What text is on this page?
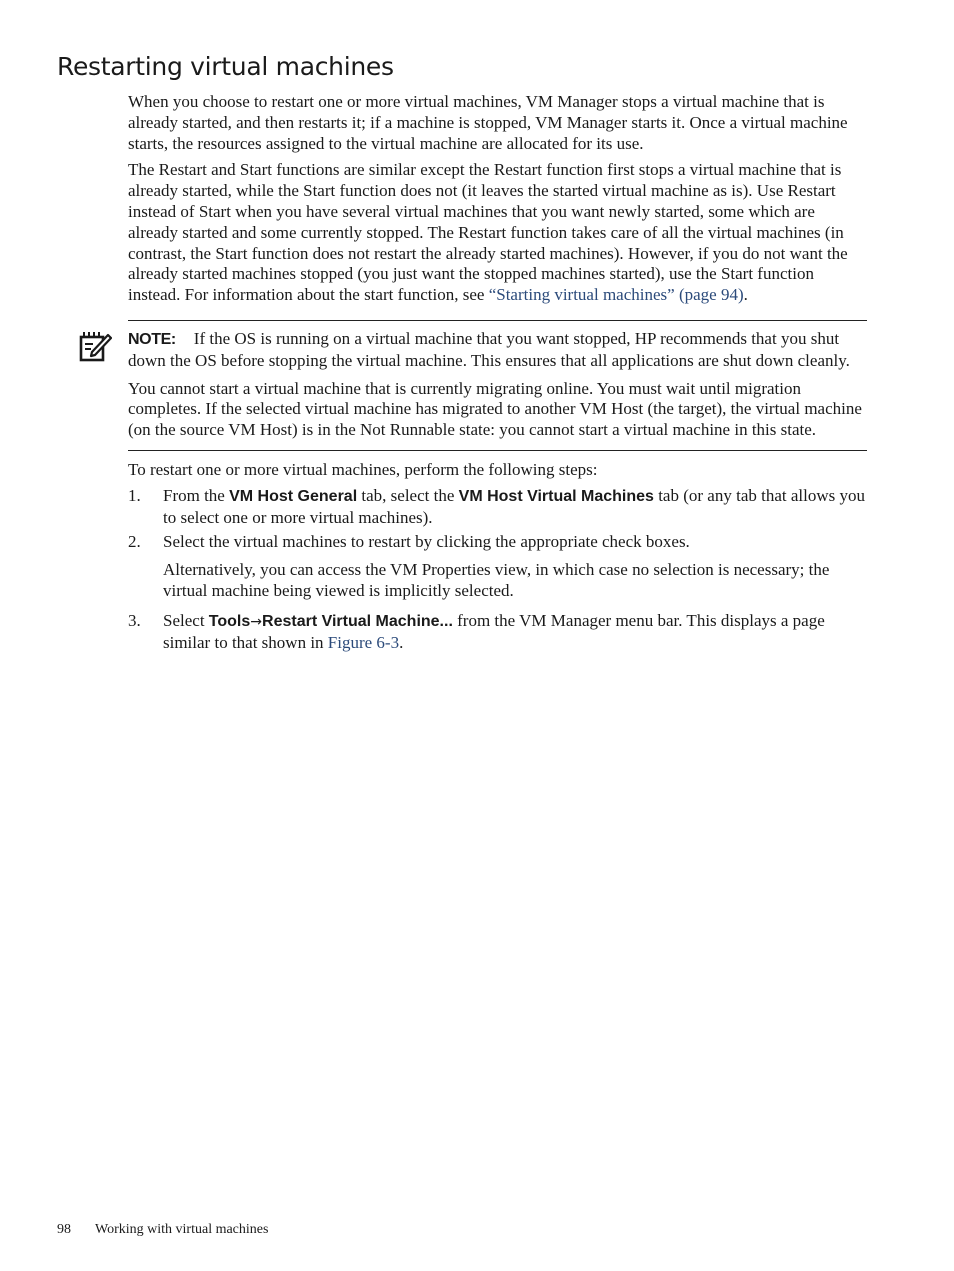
Restarting virtual machines

When you choose to restart one or more virtual machines, VM Manager stops a virtual machine that is already started, and then restarts it; if a machine is stopped, VM Manager starts it. Once a virtual machine starts, the resources assigned to the virtual machine are allocated for its use.

The Restart and Start functions are similar except the Restart function first stops a virtual machine that is already started, while the Start function does not (it leaves the started virtual machine as is). Use Restart instead of Start when you have several virtual machines that you want newly started, some which are already started and some currently stopped. The Restart function takes care of all the virtual machines (in contrast, the Start function does not restart the already started machines). However, if you do not want the already started machines stopped (you just want the stopped machines started), use the Start function instead. For information about the start function, see “Starting virtual machines” (page 94).

NOTE: If the OS is running on a virtual machine that you want stopped, HP recommends that you shut down the OS before stopping the virtual machine. This ensures that all applications are shut down cleanly.

You cannot start a virtual machine that is currently migrating online. You must wait until migration completes. If the selected virtual machine has migrated to another VM Host (the target), the virtual machine (on the source VM Host) is in the Not Runnable state: you cannot start a virtual machine in this state.

To restart one or more virtual machines, perform the following steps:

1. From the VM Host General tab, select the VM Host Virtual Machines tab (or any tab that allows you to select one or more virtual machines).
2. Select the virtual machines to restart by clicking the appropriate check boxes.
Alternatively, you can access the VM Properties view, in which case no selection is necessary; the virtual machine being viewed is implicitly selected.
3. Select Tools→Restart Virtual Machine... from the VM Manager menu bar. This displays a page similar to that shown in Figure 6-3.
98 Working with virtual machines
